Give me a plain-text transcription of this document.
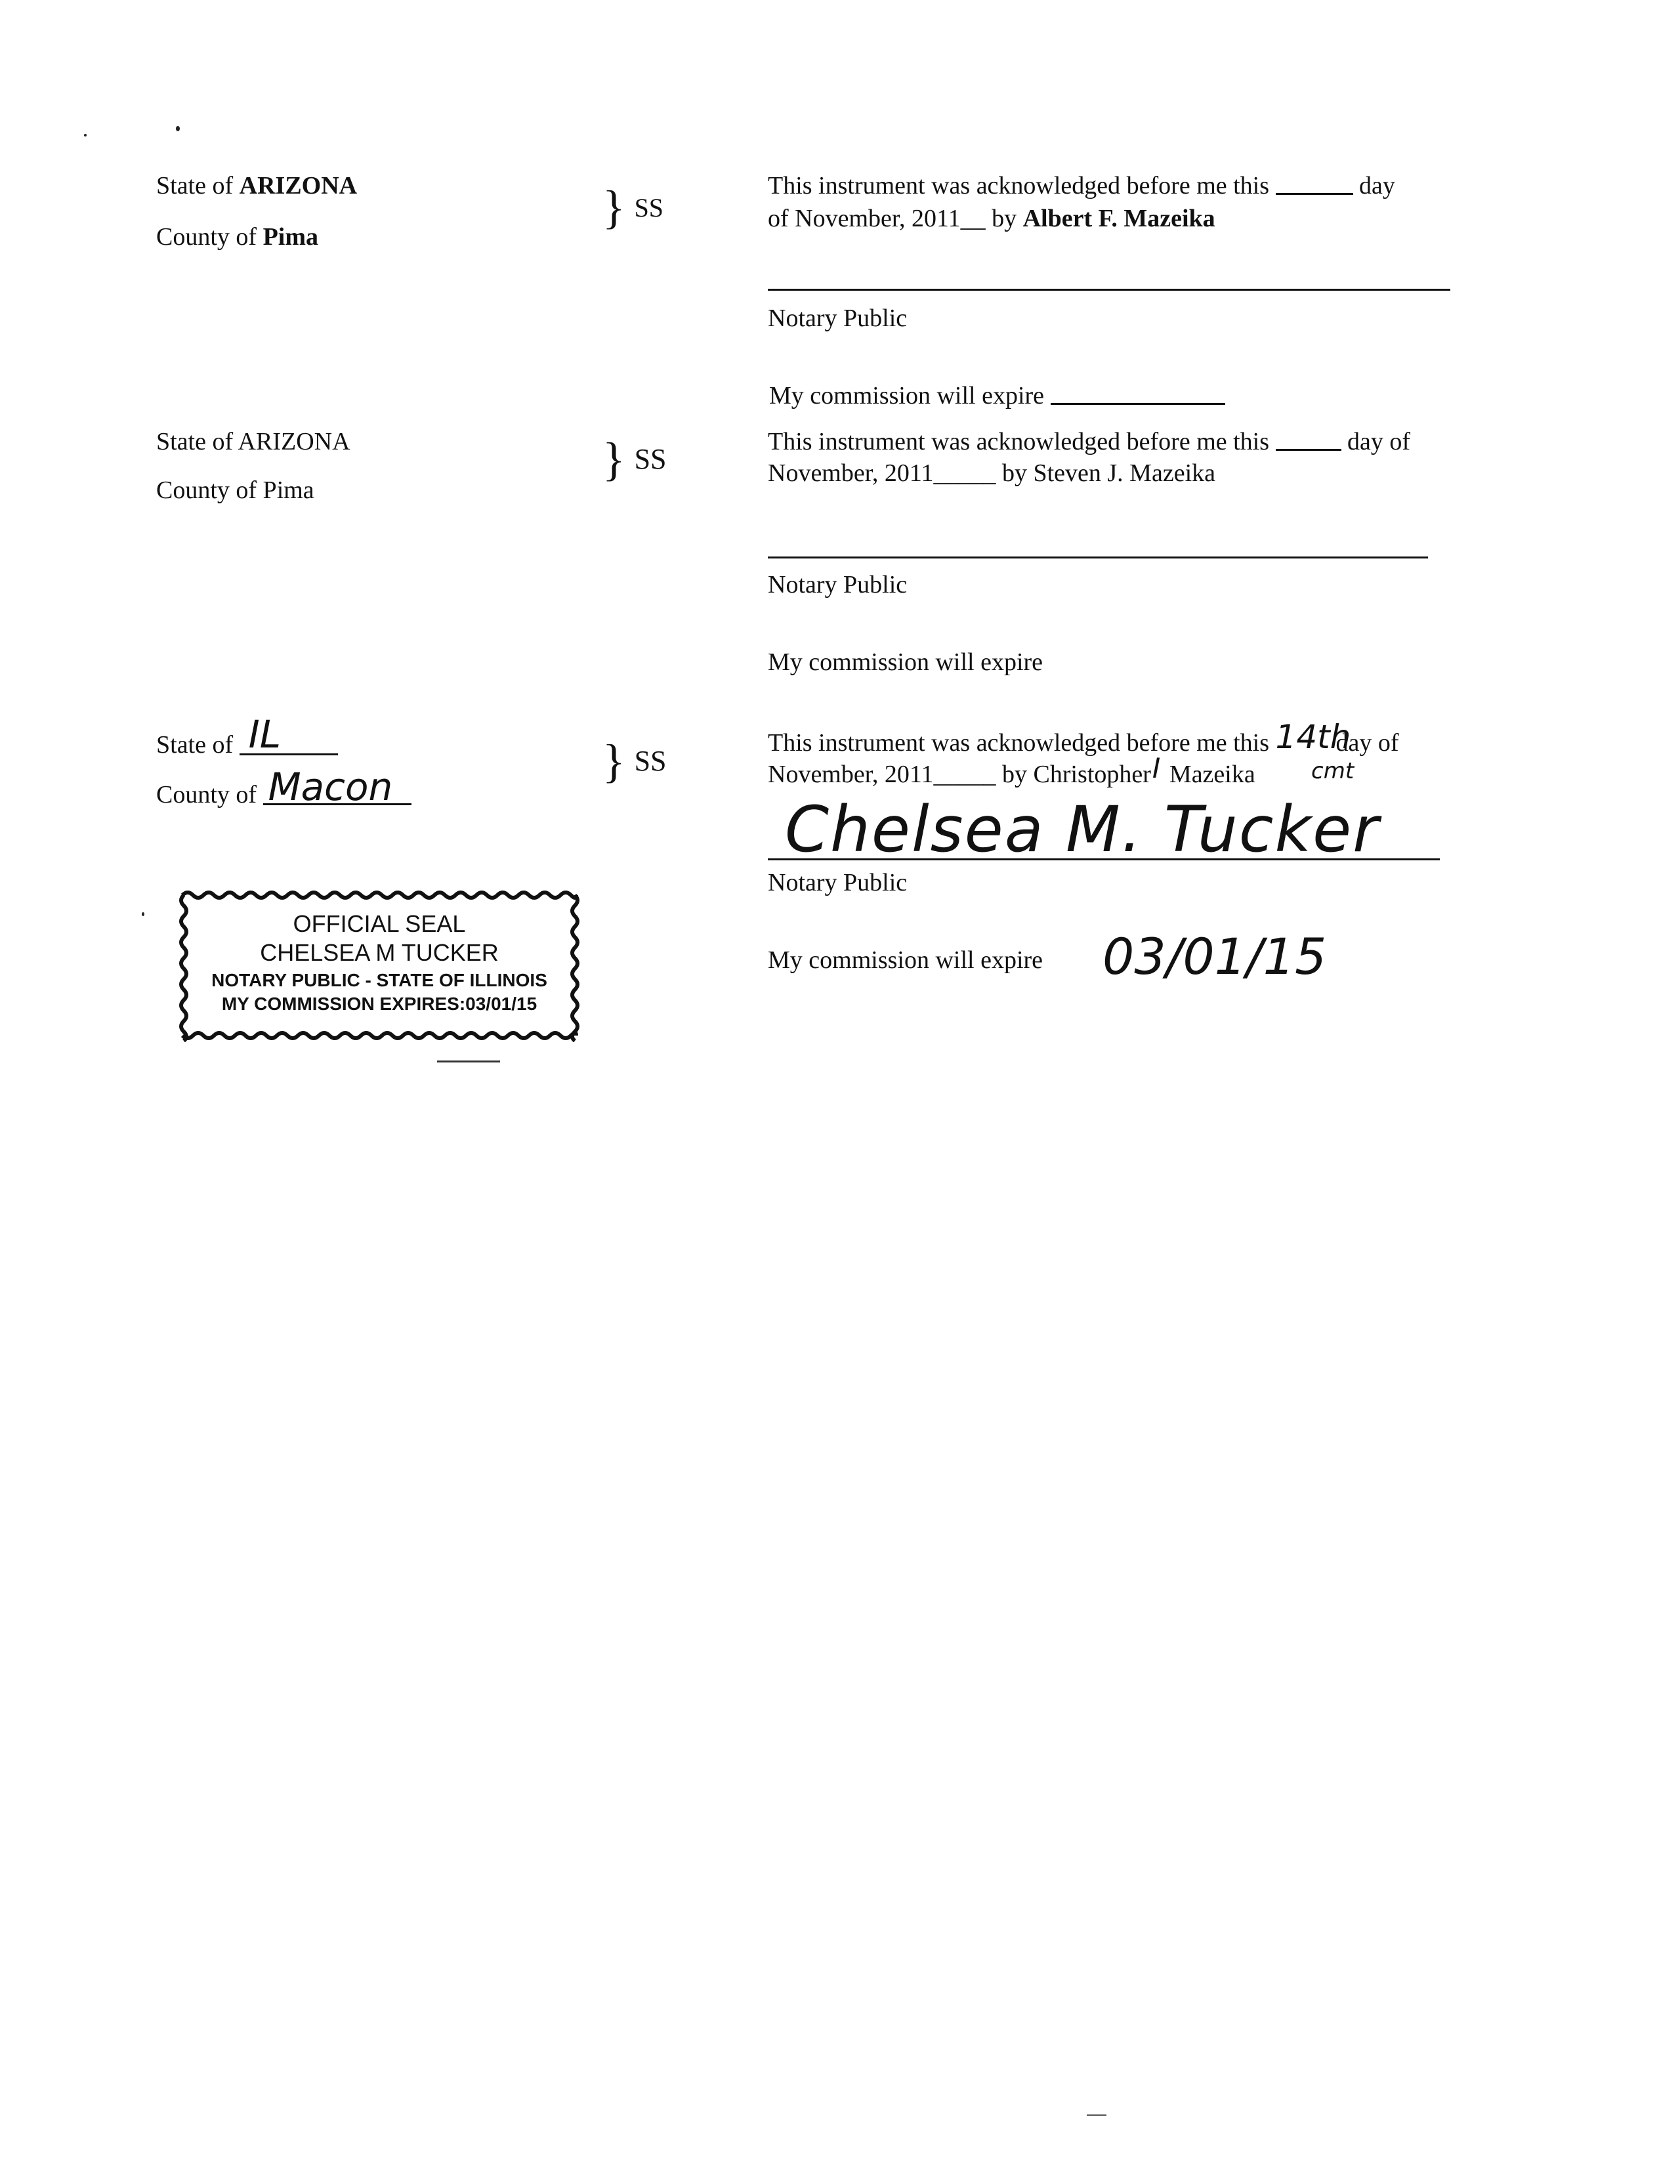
State of ARIZONA
County of Pima
} SS
This instrument was acknowledged before me this	day
of November, 2011__ by Albert F. Mazeika
Notary Public
My commission will expire
State of ARIZONA
County of Pima
} SS
This instrument was acknowledged before me this	day of
November, 2011_____ by Steven J. Mazeika
Notary Public
My commission will expire
State of IL
County of Macon	} SS
This instrument was acknowledged before me this 14th
day of
November, 2011_____ by Christopher I Mazeika	cmt
Chelsea M. Tucker
Notary Public
My commission will expire 03/01/15
OFFICIAL SEAL
CHELSEA M TUCKER
NOTARY PUBLIC - STATE OF ILLINOIS
MY COMMISSION EXPIRES:03/01/15
